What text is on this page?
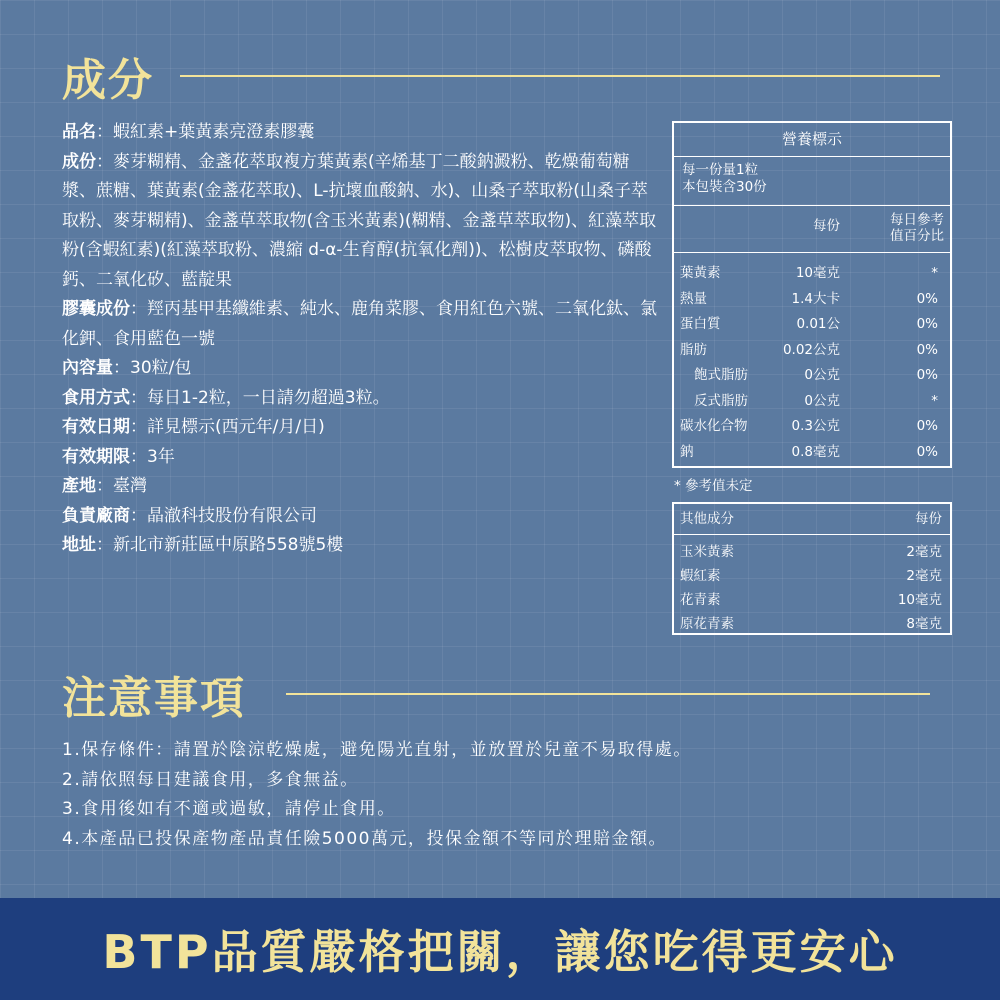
成分

品名：蝦紅素+葉黃素亮澄素膠囊

成份：麥芽糊精、金盞花萃取複方葉黃素(辛烯基丁二酸鈉澱粉、乾燥葡萄糖漿、蔗糖、葉黃素(金盞花萃取)、L-抗壞血酸鈉、水)、山桑子萃取粉(山桑子萃取粉、麥芽糊精)、金盞草萃取物(含玉米黃素)(糊精、金盞草萃取物)、紅藻萃取粉(含蝦紅素)(紅藻萃取粉、濃縮 d-α-生育醇(抗氧化劑))、松樹皮萃取物、磷酸鈣、二氧化矽、藍靛果

膠囊成份：羥丙基甲基纖維素、純水、鹿角菜膠、食用紅色六號、二氧化鈦、氯化鉀、食用藍色一號

內容量：30粒/包

食用方式：每日1-2粒，一日請勿超過3粒。

有效日期：詳見標示(西元年/月/日)

有效期限：3年

產地：臺灣

負責廠商：晶澈科技股份有限公司

地址：新北市新莊區中原路558號5樓

營養標示
每一份量1粒
本包裝含30份
每份	每日參考
值百分比
葉黃素	10毫克	*
熱量	1.4大卡	0%
蛋白質	0.01公	0%
脂肪	0.02公克	0%
飽式脂肪	0公克	0%
反式脂肪	0公克	*
碳水化合物	0.3公克	0%
鈉	0.8毫克	0%
* 參考值未定
其他成分	每份
玉米黃素	2毫克
蝦紅素	2毫克
花青素	10毫克
原花青素	8毫克
注意事項

1.保存條件：請置於陰涼乾燥處，避免陽光直射，並放置於兒童不易取得處。

2.請依照每日建議食用，多食無益。

3.食用後如有不適或過敏，請停止食用。

4.本產品已投保產物產品責任險5000萬元，投保金額不等同於理賠金額。

BTP品質嚴格把關，讓您吃得更安心
